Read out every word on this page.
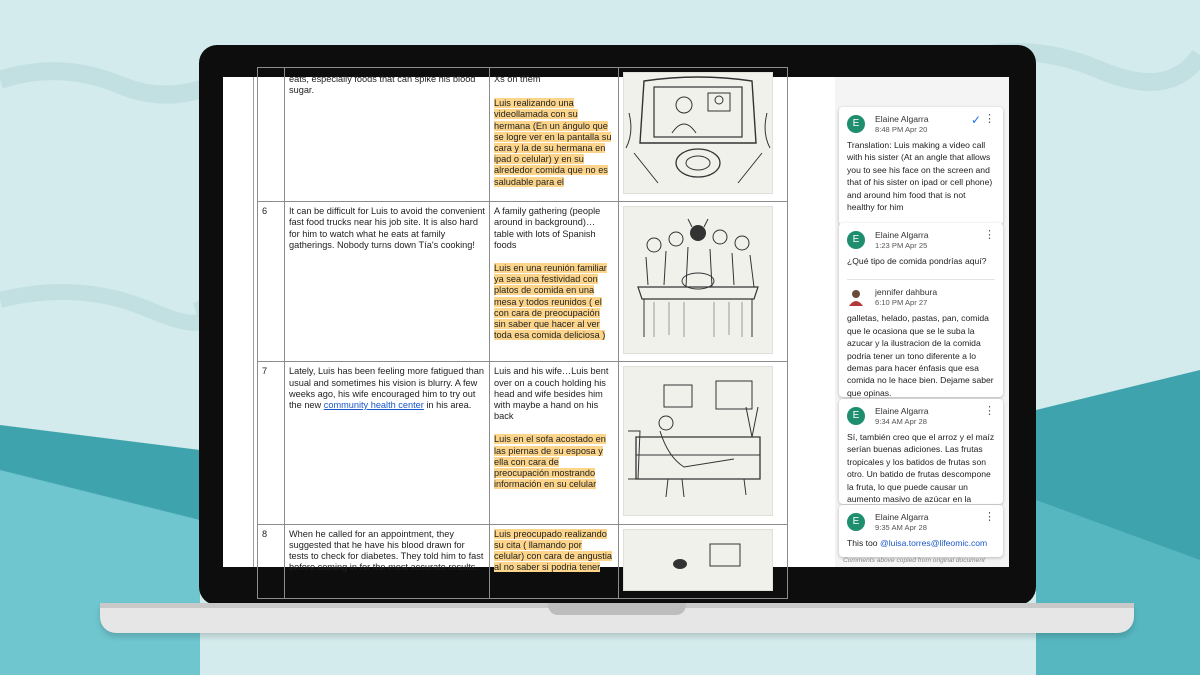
	eats, especially foods that can spike his blood sugar.	Xs on them
Luis realizando una videollamada con su hermana (En un ángulo que se logre ver en la pantalla su cara y la de su hermana en ipad o celular) y en su alrededor comida que no es saludable para el

6	It can be difficult for Luis to avoid the convenient fast food trucks near his job site. It is also hard for him to watch what he eats at family gatherings. Nobody turns down Tía's cooking!	A family gathering (people around in background)…table with lots of Spanish foods
Luis en una reunión familiar ya sea una festividad con platos de comida en una mesa y todos reunidos ( el con cara de preocupación sin saber que hacer al ver toda esa comida deliciosa )

7	Lately, Luis has been feeling more fatigued than usual and sometimes his vision is blurry. A few weeks ago, his wife encouraged him to try out the new community health center in his area.	Luis and his wife…Luis bent over on a couch holding his head and wife besides him with maybe a hand on his back
Luis en el sofa acostado en las piernas de su esposa y ella con cara de preocupación mostrando información en su celular

8	When he called for an appointment, they suggested that he have his blood drawn for tests to check for diabetes. They told him to fast before coming in for the most accurate results.	Luis preocupado realizando su cita ( llamando por celular) con cara de angustia al no saber si podria tener	
E	Elaine Algarra
8:48 PM Apr 20
✓ ⋮
Translation: Luis making a video call with his sister (At an angle that allows you to see his face on the screen and that of his sister on ipad or cell phone) and around him food that is not healthy for him
E	Elaine Algarra
1:23 PM Apr 25
⋮
¿Qué tipo de comida pondrías aquí?
jennifer dahbura
6:10 PM Apr 27
galletas, helado, pastas, pan, comida que le ocasiona que se le suba la azucar y la ilustracion de la comida podria tener un tono diferente a lo demas para hacer énfasis que esa comida no le hace bien. Dejame saber que opinas.
E	Elaine Algarra
9:34 AM Apr 28
⋮
Sí, también creo que el arroz y el maíz serían buenas adiciones. Las frutas tropicales y los batidos de frutas son otro. Un batido de frutas descompone la fruta, lo que puede causar un aumento masivo de azúcar en la
E	Elaine Algarra
9:35 AM Apr 28
⋮
This too @luisa.torres@lifeomic.com
Comments above copied from original document
